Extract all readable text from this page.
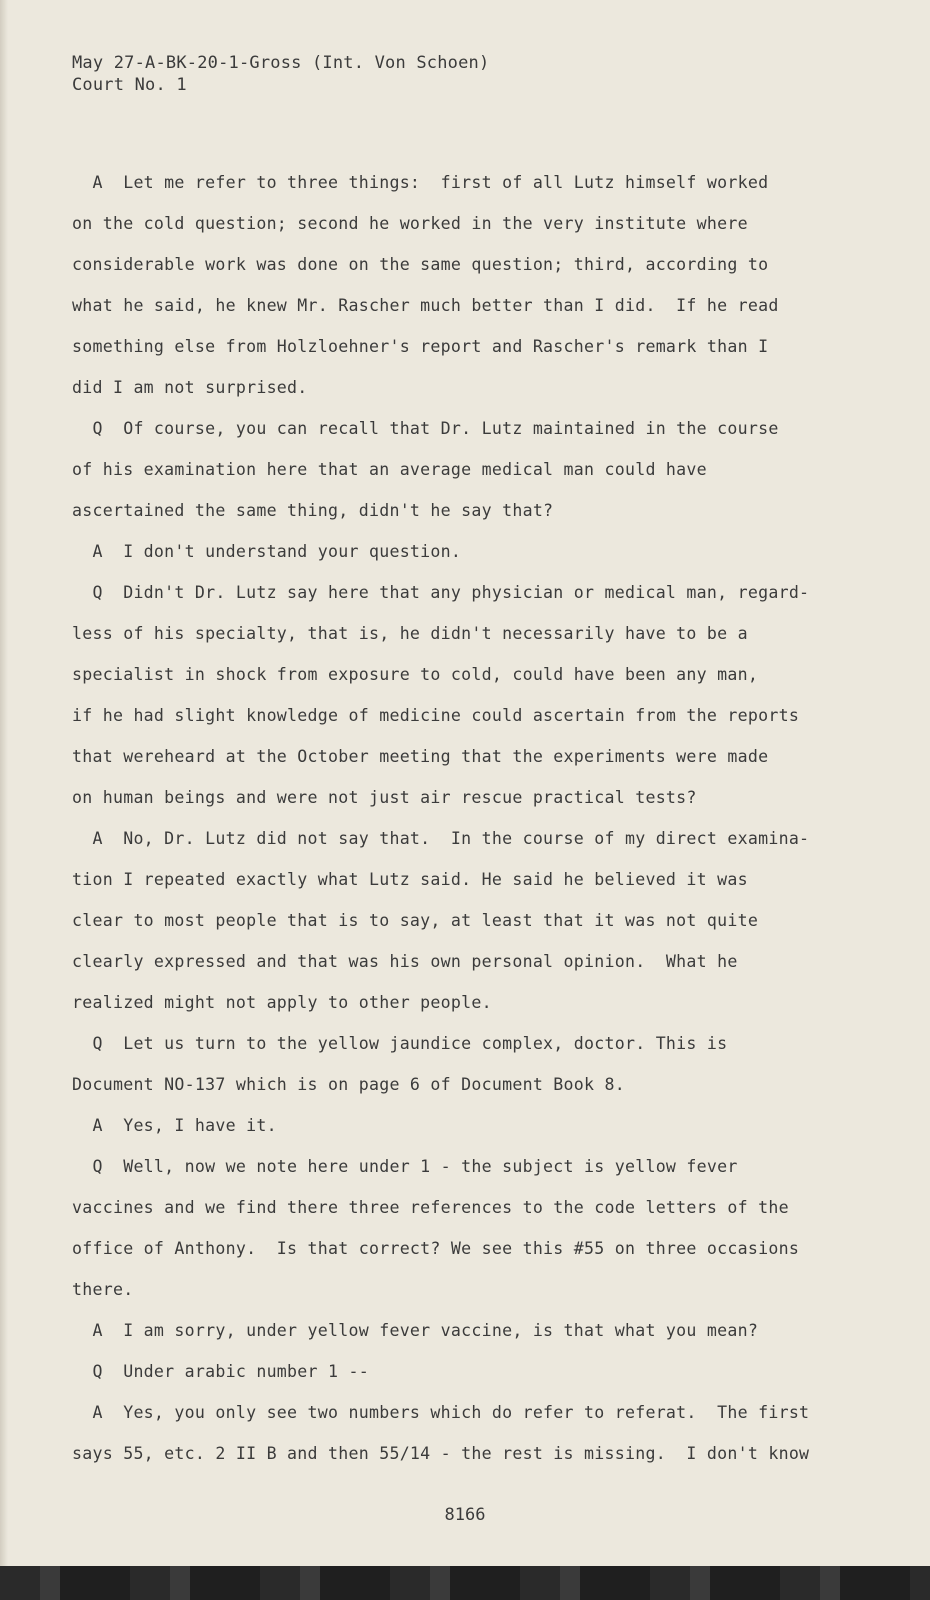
May 27-A-BK-20-1-Gross (Int. Von Schoen)
Court No. 1
A  Let me refer to three things:  first of all Lutz himself worked
on the cold question; second he worked in the very institute where
considerable work was done on the same question; third, according to
what he said, he knew Mr. Rascher much better than I did.  If he read
something else from Holzloehner's report and Rascher's remark than I
did I am not surprised.
Q  Of course, you can recall that Dr. Lutz maintained in the course
of his examination here that an average medical man could have
ascertained the same thing, didn't he say that?
A  I don't understand your question.
Q  Didn't Dr. Lutz say here that any physician or medical man, regard-
less of his specialty, that is, he didn't necessarily have to be a
specialist in shock from exposure to cold, could have been any man,
if he had slight knowledge of medicine could ascertain from the reports
that wereheard at the October meeting that the experiments were made
on human beings and were not just air rescue practical tests?
A  No, Dr. Lutz did not say that.  In the course of my direct examina-
tion I repeated exactly what Lutz said. He said he believed it was
clear to most people that is to say, at least that it was not quite
clearly expressed and that was his own personal opinion.  What he
realized might not apply to other people.
Q  Let us turn to the yellow jaundice complex, doctor. This is
Document NO-137 which is on page 6 of Document Book 8.
A  Yes, I have it.
Q  Well, now we note here under 1 - the subject is yellow fever
vaccines and we find there three references to the code letters of the
office of Anthony.  Is that correct? We see this #55 on three occasions
there.
A  I am sorry, under yellow fever vaccine, is that what you mean?
Q  Under arabic number 1 --
A  Yes, you only see two numbers which do refer to referat.  The first
says 55, etc. 2 II B and then 55/14 - the rest is missing.  I don't know
8166
